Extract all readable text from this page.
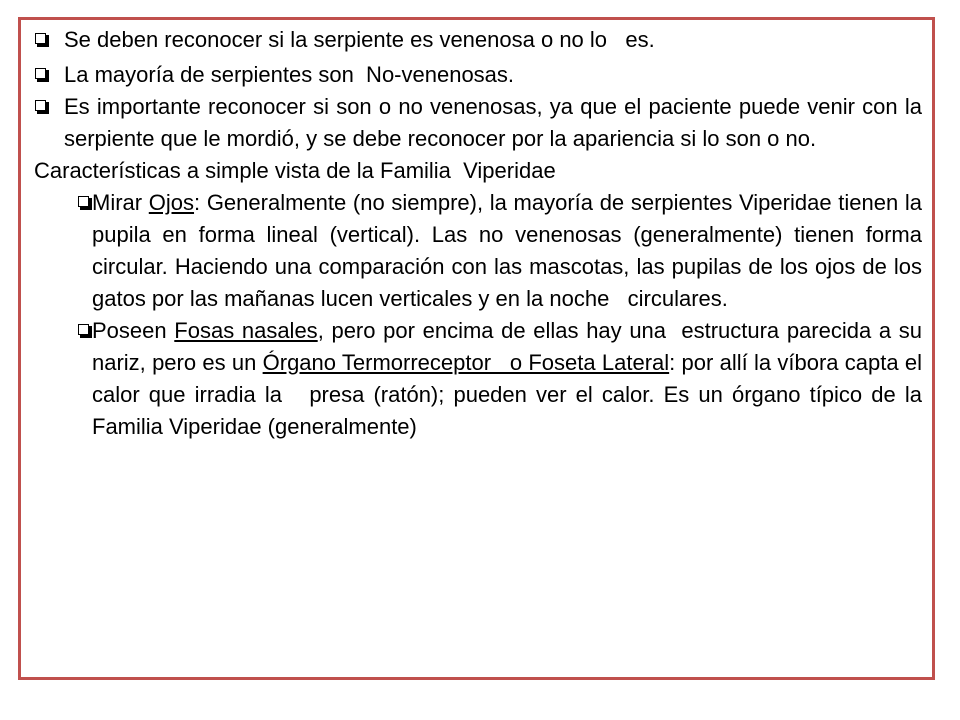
Se deben reconocer si la serpiente es venenosa o no lo   es.
La mayoría de serpientes son  No-venenosas.
Es importante reconocer si son o no venenosas, ya que el paciente puede venir con la serpiente que le mordió, y se debe reconocer por la apariencia si lo son o no.
Características a simple vista de la Familia  Viperidae
Mirar Ojos: Generalmente (no siempre), la mayoría de serpientes Viperidae tienen la pupila en forma lineal (vertical). Las no venenosas (generalmente) tienen forma circular. Haciendo una comparación con las mascotas, las pupilas de los ojos de los gatos por las mañanas lucen verticales y en la noche   circulares.
Poseen Fosas nasales, pero por encima de ellas hay una  estructura parecida a su nariz, pero es un Órgano Termorreceptor   o Foseta Lateral: por allí la víbora capta el calor que irradia la   presa (ratón); pueden ver el calor. Es un órgano típico de la Familia Viperidae (generalmente)
